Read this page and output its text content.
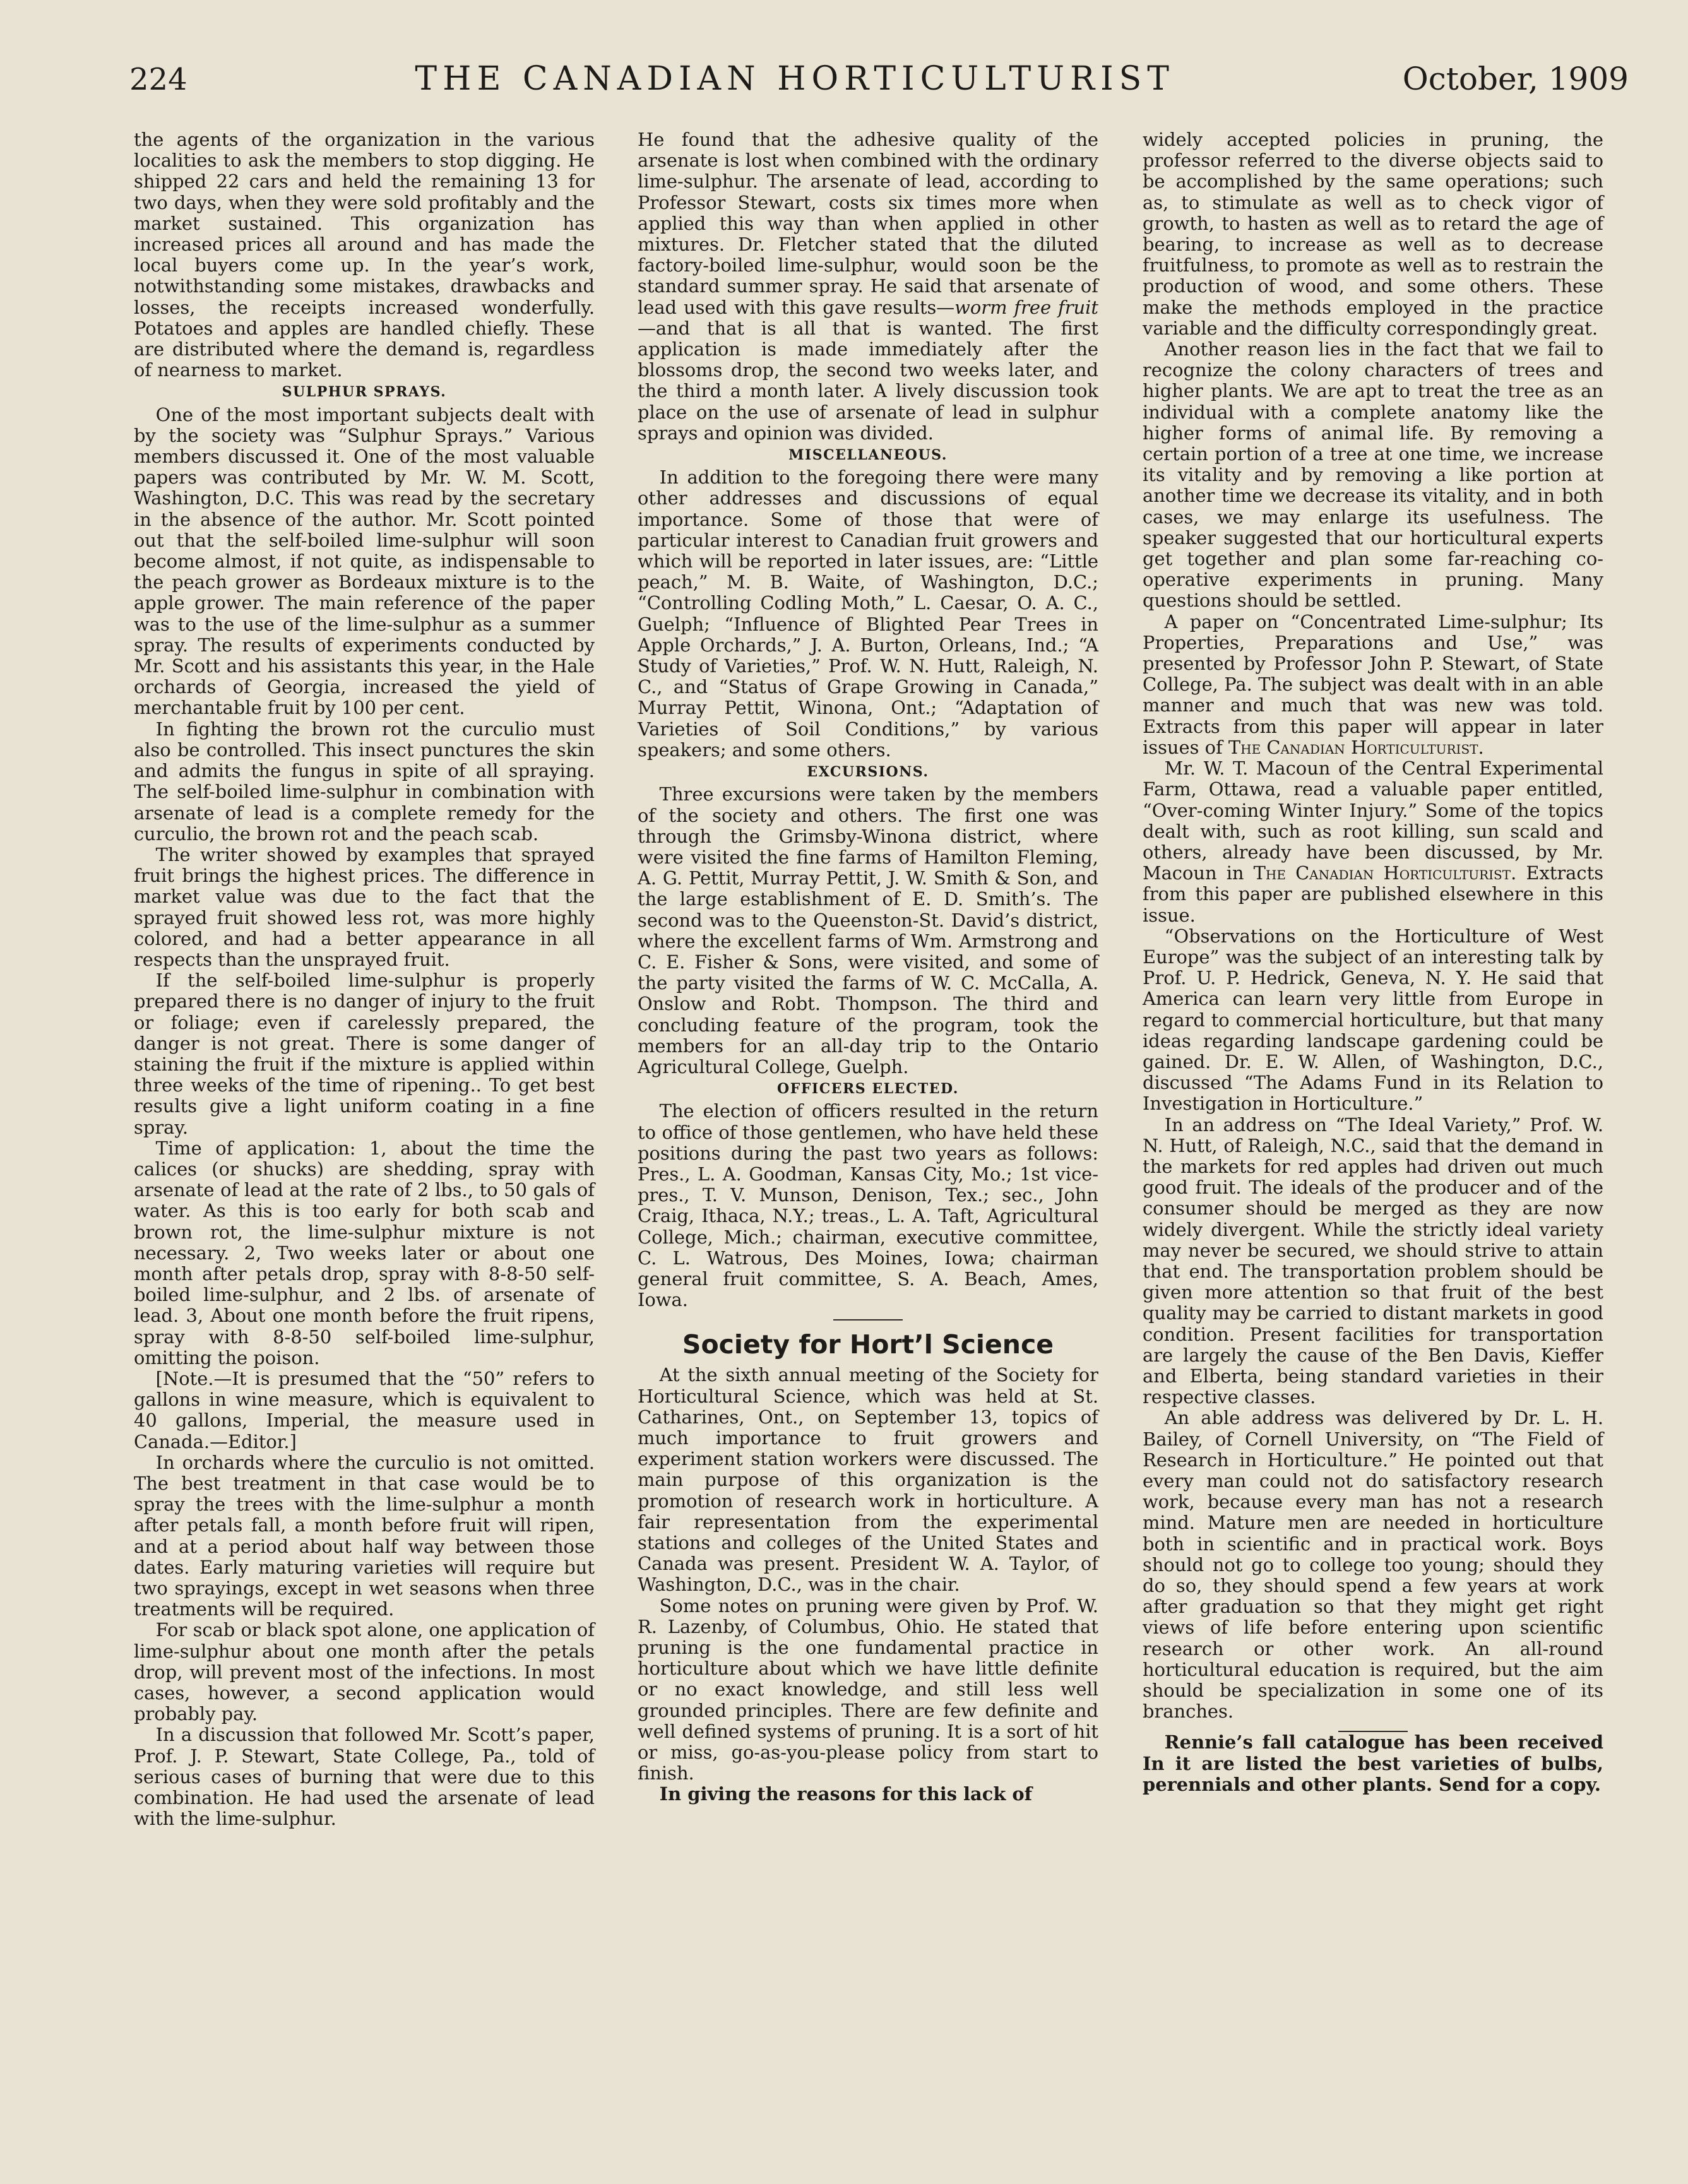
224	THE CANADIAN HORTICULTURIST	October, 1909

the agents of the organization in the various localities to ask the members to stop digging. He shipped 22 cars and held the remaining 13 for two days, when they were sold profitably and the market sustained. This organization has increased prices all around and has made the local buyers come up. In the year’s work, notwithstanding some mistakes, drawbacks and losses, the receipts increased wonderfully. Potatoes and apples are handled chiefly. These are distributed where the demand is, regardless of nearness to market.

SULPHUR SPRAYS.

One of the most important subjects dealt with by the society was “Sulphur Sprays.” Various members discussed it. One of the most valuable papers was contributed by Mr. W. M. Scott, Washington, D.C. This was read by the secretary in the absence of the author. Mr. Scott pointed out that the self-boiled lime-sulphur will soon become almost, if not quite, as indispensable to the peach grower as Bordeaux mixture is to the apple grower. The main reference of the paper was to the use of the lime-sulphur as a summer spray. The results of experiments conducted by Mr. Scott and his assistants this year, in the Hale orchards of Georgia, increased the yield of merchantable fruit by 100 per cent.

In fighting the brown rot the curculio must also be controlled. This insect punctures the skin and admits the fungus in spite of all spraying. The self-boiled lime-sulphur in combination with arsenate of lead is a complete remedy for the curculio, the brown rot and the peach scab.

The writer showed by examples that sprayed fruit brings the highest prices. The difference in market value was due to the fact that the sprayed fruit showed less rot, was more highly colored, and had a better appearance in all respects than the unsprayed fruit.

If the self-boiled lime-sulphur is properly prepared there is no danger of injury to the fruit or foliage; even if carelessly prepared, the danger is not great. There is some danger of staining the fruit if the mixture is applied within three weeks of the time of ripening.. To get best results give a light uniform coating in a fine spray.

Time of application: 1, about the time the calices (or shucks) are shedding, spray with arsenate of lead at the rate of 2 lbs., to 50 gals of water. As this is too early for both scab and brown rot, the lime-sulphur mixture is not necessary. 2, Two weeks later or about one month after petals drop, spray with 8-8-50 self-boiled lime-sulphur, and 2 lbs. of arsenate of lead. 3, About one month before the fruit ripens, spray with 8-8-50 self-boiled lime-sulphur, omitting the poison.

[Note.—It is presumed that the “50” refers to gallons in wine measure, which is equivalent to 40 gallons, Imperial, the measure used in Canada.—Editor.]

In orchards where the curculio is not omitted. The best treatment in that case would be to spray the trees with the lime-sulphur a month after petals fall, a month before fruit will ripen, and at a period about half way between those dates. Early maturing varieties will require but two sprayings, except in wet seasons when three treatments will be required.

For scab or black spot alone, one application of lime-sulphur about one month after the petals drop, will prevent most of the infections. In most cases, however, a second application would probably pay.

In a discussion that followed Mr. Scott’s paper, Prof. J. P. Stewart, State College, Pa., told of serious cases of burning that were due to this combination. He had used the arsenate of lead with the lime-sulphur.

He found that the adhesive quality of the arsenate is lost when combined with the ordinary lime-sulphur. The arsenate of lead, according to Professor Stewart, costs six times more when applied this way than when applied in other mixtures. Dr. Fletcher stated that the diluted factory-boiled lime-sulphur, would soon be the standard summer spray. He said that arsenate of lead used with this gave results—worm free fruit—and that is all that is wanted. The first application is made immediately after the blossoms drop, the second two weeks later, and the third a month later. A lively discussion took place on the use of arsenate of lead in sulphur sprays and opinion was divided.

MISCELLANEOUS.

In addition to the foregoing there were many other addresses and discussions of equal importance. Some of those that were of particular interest to Canadian fruit growers and which will be reported in later issues, are: “Little peach,” M. B. Waite, of Washington, D.C.; “Controlling Codling Moth,” L. Caesar, O. A. C., Guelph; “Influence of Blighted Pear Trees in Apple Orchards,” J. A. Burton, Orleans, Ind.; “A Study of Varieties,” Prof. W. N. Hutt, Raleigh, N. C., and “Status of Grape Growing in Canada,” Murray Pettit, Winona, Ont.; “Adaptation of Varieties of Soil Conditions,” by various speakers; and some others.

EXCURSIONS.

Three excursions were taken by the members of the society and others. The first one was through the Grimsby-Winona district, where were visited the fine farms of Hamilton Fleming, A. G. Pettit, Murray Pettit, J. W. Smith & Son, and the large establishment of E. D. Smith’s. The second was to the Queenston-St. David’s district, where the excellent farms of Wm. Armstrong and C. E. Fisher & Sons, were visited, and some of the party visited the farms of W. C. McCalla, A. Onslow and Robt. Thompson. The third and concluding feature of the program, took the members for an all-day trip to the Ontario Agricultural College, Guelph.

OFFICERS ELECTED.

The election of officers resulted in the return to office of those gentlemen, who have held these positions during the past two years as follows: Pres., L. A. Goodman, Kansas City, Mo.; 1st vice-pres., T. V. Munson, Denison, Tex.; sec., John Craig, Ithaca, N.Y.; treas., L. A. Taft, Agricultural College, Mich.; chairman, executive committee, C. L. Watrous, Des Moines, Iowa; chairman general fruit committee, S. A. Beach, Ames, Iowa.

Society for Hort’l Science

At the sixth annual meeting of the Society for Horticultural Science, which was held at St. Catharines, Ont., on September 13, topics of much importance to fruit growers and experiment station workers were discussed. The main purpose of this organization is the promotion of research work in horticulture. A fair representation from the experimental stations and colleges of the United States and Canada was present. President W. A. Taylor, of Washington, D.C., was in the chair.

Some notes on pruning were given by Prof. W. R. Lazenby, of Columbus, Ohio. He stated that pruning is the one fundamental practice in horticulture about which we have little definite or no exact knowledge, and still less well grounded principles. There are few definite and well defined systems of pruning. It is a sort of hit or miss, go-as-you-please policy from start to finish.

In giving the reasons for this lack of

widely accepted policies in pruning, the professor referred to the diverse objects said to be accomplished by the same operations; such as, to stimulate as well as to check vigor of growth, to hasten as well as to retard the age of bearing, to increase as well as to decrease fruitfulness, to promote as well as to restrain the production of wood, and some others. These make the methods employed in the practice variable and the difficulty correspondingly great.

Another reason lies in the fact that we fail to recognize the colony characters of trees and higher plants. We are apt to treat the tree as an individual with a complete anatomy like the higher forms of animal life. By removing a certain portion of a tree at one time, we increase its vitality and by removing a like portion at another time we decrease its vitality, and in both cases, we may enlarge its usefulness. The speaker suggested that our horticultural experts get together and plan some far-reaching co-operative experiments in pruning. Many questions should be settled.

A paper on “Concentrated Lime-sulphur; Its Properties, Preparations and Use,” was presented by Professor John P. Stewart, of State College, Pa. The subject was dealt with in an able manner and much that was new was told. Extracts from this paper will appear in later issues of The Canadian Horticulturist.

Mr. W. T. Macoun of the Central Experimental Farm, Ottawa, read a valuable paper entitled, “Over-coming Winter Injury.” Some of the topics dealt with, such as root killing, sun scald and others, already have been discussed, by Mr. Macoun in The Canadian Horticulturist. Extracts from this paper are published elsewhere in this issue.

“Observations on the Horticulture of West Europe” was the subject of an interesting talk by Prof. U. P. Hedrick, Geneva, N. Y. He said that America can learn very little from Europe in regard to commercial horticulture, but that many ideas regarding landscape gardening could be gained. Dr. E. W. Allen, of Washington, D.C., discussed “The Adams Fund in its Relation to Investigation in Horticulture.”

In an address on “The Ideal Variety,” Prof. W. N. Hutt, of Raleigh, N.C., said that the demand in the markets for red apples had driven out much good fruit. The ideals of the producer and of the consumer should be merged as they are now widely divergent. While the strictly ideal variety may never be secured, we should strive to attain that end. The transportation problem should be given more attention so that fruit of the best quality may be carried to distant markets in good condition. Present facilities for transportation are largely the cause of the Ben Davis, Kieffer and Elberta, being standard varieties in their respective classes.

An able address was delivered by Dr. L. H. Bailey, of Cornell University, on “The Field of Research in Horticulture.” He pointed out that every man could not do satisfactory research work, because every man has not a research mind. Mature men are needed in horticulture both in scientific and in practical work. Boys should not go to college too young; should they do so, they should spend a few years at work after graduation so that they might get right views of life before entering upon scientific research or other work. An all-round horticultural education is required, but the aim should be specialization in some one of its branches.

Rennie’s fall catalogue has been received In it are listed the best varieties of bulbs, perennials and other plants. Send for a copy.
